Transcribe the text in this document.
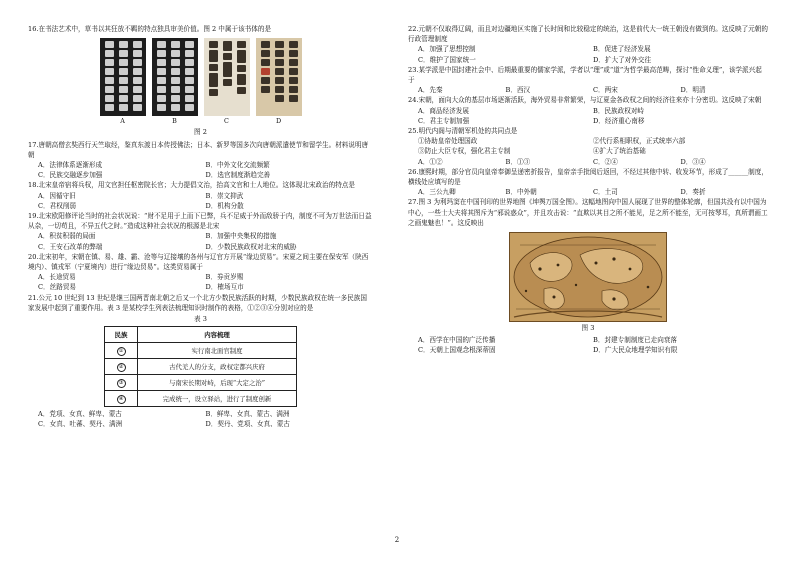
16.在书法艺术中，草书以其狂放不羁的特点独具审美价值。图 2 中属于该书体的是

A	B	C	D

图 2

17.唐朝高僧玄奘西行天竺取经，鉴真东渡日本传授佛法；日本、新罗等国多次向唐朝派遣使节和留学生。材料说明唐朝

A．法律体系逐渐形成	B．中外文化交流频繁
C．民族交融逐步加强	D．选官制度渐趋完善

18.北宋皇帝宿将兵权，用文官担任枢密院长官；大力提倡文治，抬高文官和士人地位。这体现北宋政治的特点是

A．因循守旧	B．崇文抑武
C．君权削弱	D．机构分散

19.北宋欧阳修评论当时的社会状况说：“财不足用于上而下已弊，兵不足威于外而敌骄于内，制度不可为万世法而日益从杂，一切苟且，不异五代之时。”造成这种社会状况的根源是北宋

A．积贫积弱的局面	B．加强中央集权的措施
C．王安石改革的弊端	D．少数民族政权对北宋的威胁

20.北宋初年，宋朝在镇、易、雄、霸、沧等与辽接壤的各州与辽官方开展“缘边贸易”。宋夏之间主要在保安军（陕西境内）、镇戎军（宁夏境内）进行“缘边贸易”。这类贸易属于

A．长途贸易	B．券贡岁赐
C．丝路贸易	D．榷场互市

21.公元 10 世纪到 13 世纪是继三国两晋南北朝之后又一个北方少数民族活跃的时期，少数民族政权在统一多民族国家发展中起到了重要作用。表 3 是某校学生列表法梳理知识时制作的表格，①②③④分别对应的是

表 3

民族	内容梳理
①	实行南北面官制度
②	古代羌人的分支，政权定都兴庆府
③	与南宋长期对峙，后现“大定之治”
④	完成统一，设立驿站，进行了制度创新
A．党项、女真、鲜卑、蒙古	B．鲜卑、女真、蒙古、满洲
C．女真、吐蕃、契丹、满洲	D．契丹、党项、女真、蒙古

22.元朝不仅取得辽阔，而且对边疆地区实施了长时间和比较稳定的统治，这是前代大一统王朝没有做到的。这反映了元朝的行政管理制度

A．加强了思想控制	B．促进了经济发展
C．维护了国家统一	D．扩大了对外交往

23.某学派是中国封建社会中、后期最重要的儒家学派，学者以“理”或“道”为哲学最高范畴，探讨“性命义理”，该学派兴起于

A．先秦	B．西汉	C．两宋	D．明清

24.宋朝，面向大众的基层市场逐渐活跃，海外贸易非常繁荣，与辽夏金各政权之间的经济往来亦十分密切。这反映了宋朝

A．商品经济发展	B．民族政权对峙
C．君主专制加强	D．经济重心南移

25.明代内阁与清朝军机处的共同点是

①协助皇帝处理国政	②代行系相职权，正式统率六部
③防止大臣专权，强化君主专制	④扩大了统治基础
A．①②	B．①③	C．②④	D．③④

26.康熙时期，部分官员向皇帝奉御呈递密折报告，皇帝亲手批阅后返回，不经过其他中转、收发环节，形成了______制度，横线处应填写的是

A．三公九卿	B．中外朝	C．土司	D．奏折

27.图 3 为利玛窦在中国刊印的世界地图《坤舆万国全图》。这幅地图向中国人展现了世界的整体轮廓，但国共没有以中国为中心，一些士大夫将其图斥为“邪说惑众”，并且攻击说：“直欺以其目之所不能见，足之所不能至，无可按琴耳，真所谓画工之画鬼魅也！”。这反映出

图 3

A．西学在中国的广泛传播	B．封建专制制度已走向衰落
C．天朝上国观念根深蒂固	D．广大民众地理学知识有限
2
